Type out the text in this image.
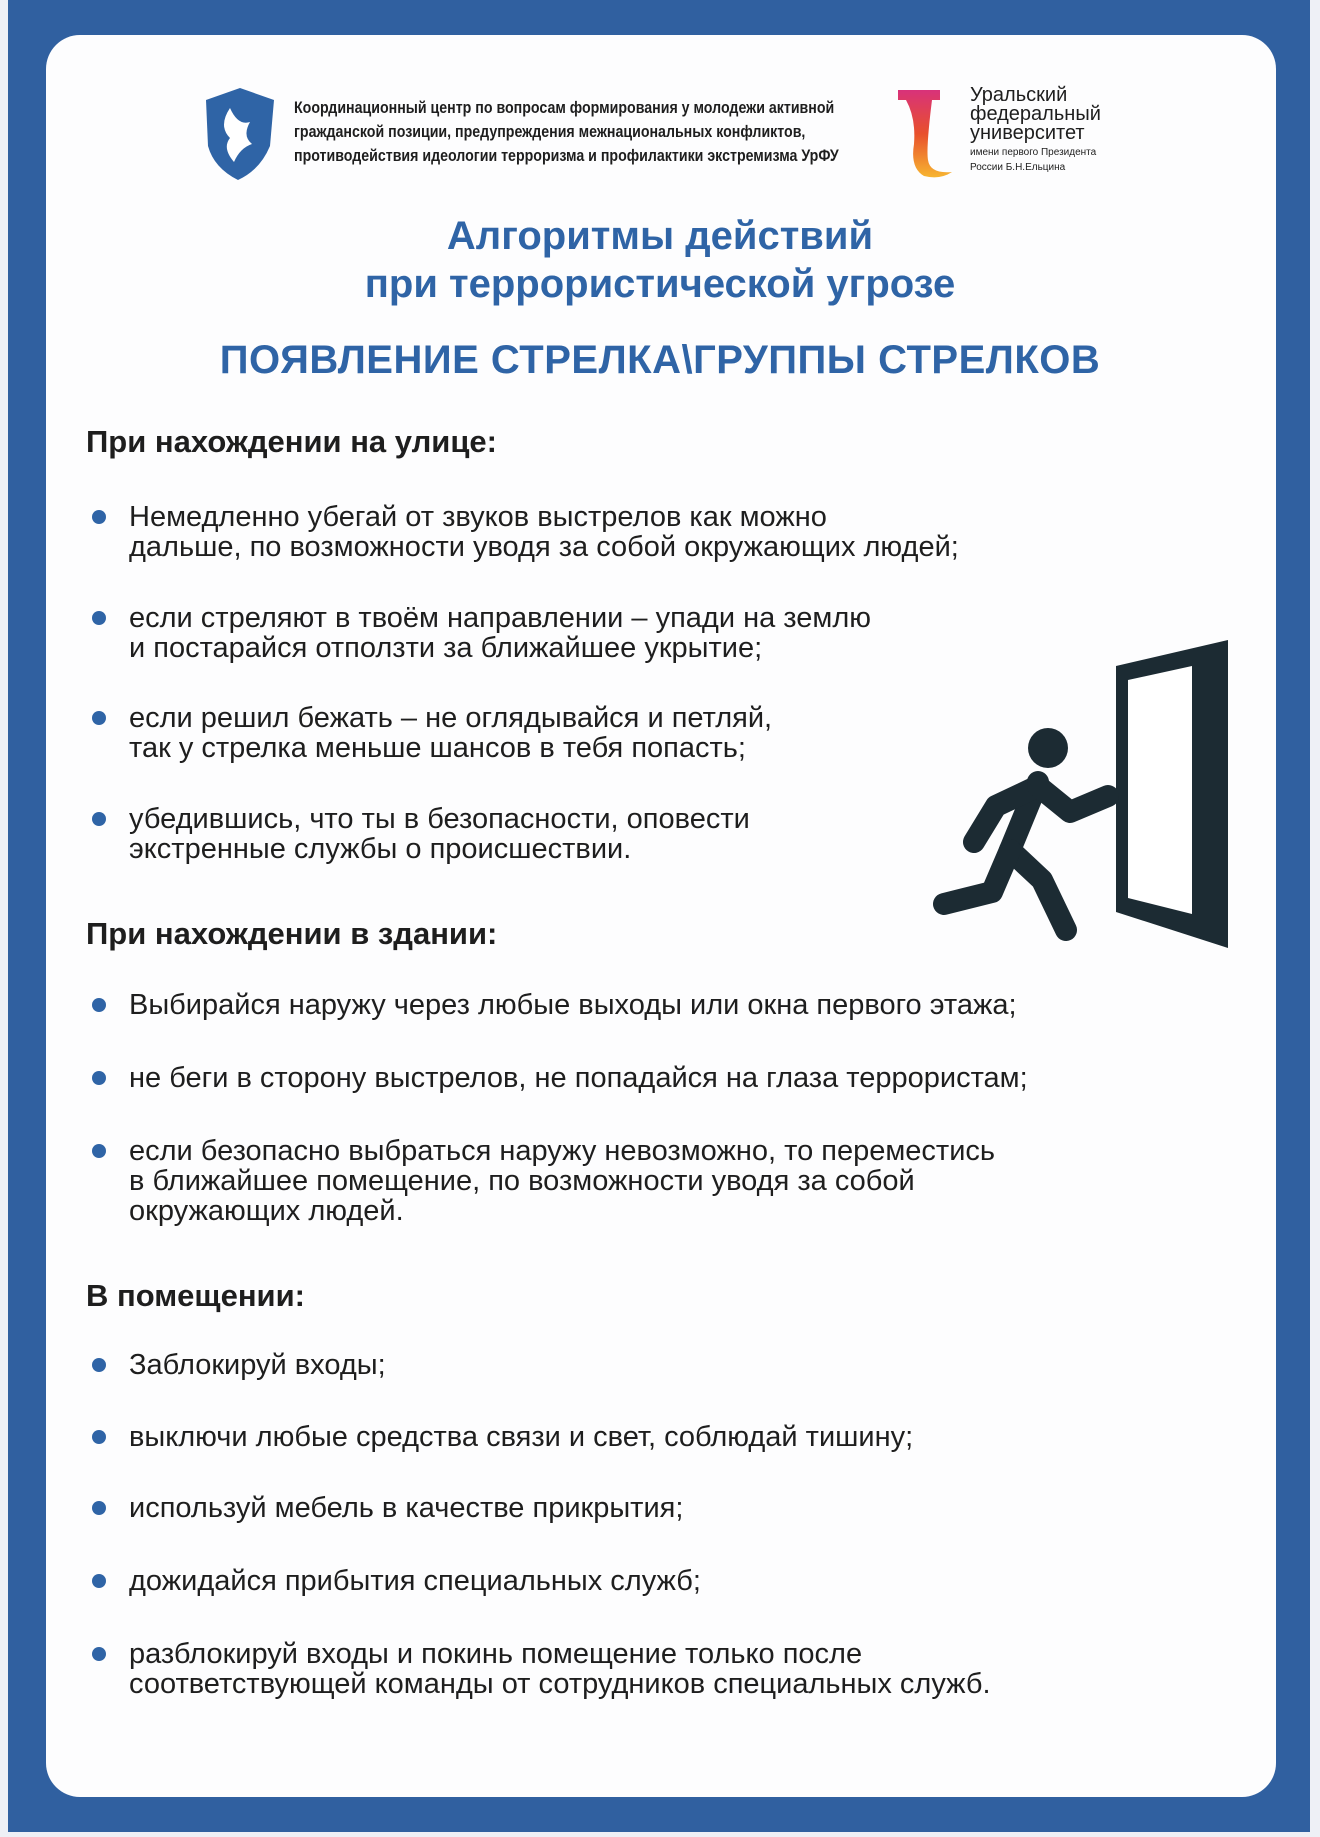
Координационный центр по вопросам формирования у молодежи активной
гражданской позиции, предупреждения межнациональных конфликтов,
противодействия идеологии терроризма и профилактики экстремизма УрФУ
Уральский
федеральный
университет
имени первого Президента
России Б.Н.Ельцина
Алгоритмы действий
при террористической угрозе
ПОЯВЛЕНИЕ СТРЕЛКА\ГРУППЫ СТРЕЛКОВ
При нахождении на улице:
Немедленно убегай от звуков выстрелов как можно
дальше, по возможности уводя за собой окружающих людей;
если стреляют в твоём направлении – упади на землю
и постарайся отползти за ближайшее укрытие;
если решил бежать – не оглядывайся и петляй,
так у стрелка меньше шансов в тебя попасть;
убедившись, что ты в безопасности, оповести
экстренные службы о происшествии.
При нахождении в здании:
Выбирайся наружу через любые выходы или окна первого этажа;
не беги в сторону выстрелов, не попадайся на глаза террористам;
если безопасно выбраться наружу невозможно, то переместись
в ближайшее помещение, по возможности уводя за собой
окружающих людей.
В помещении:
Заблокируй входы;
выключи любые средства связи и свет, соблюдай тишину;
используй мебель в качестве прикрытия;
дожидайся прибытия специальных служб;
разблокируй входы и покинь помещение только после
соответствующей команды от сотрудников специальных служб.
